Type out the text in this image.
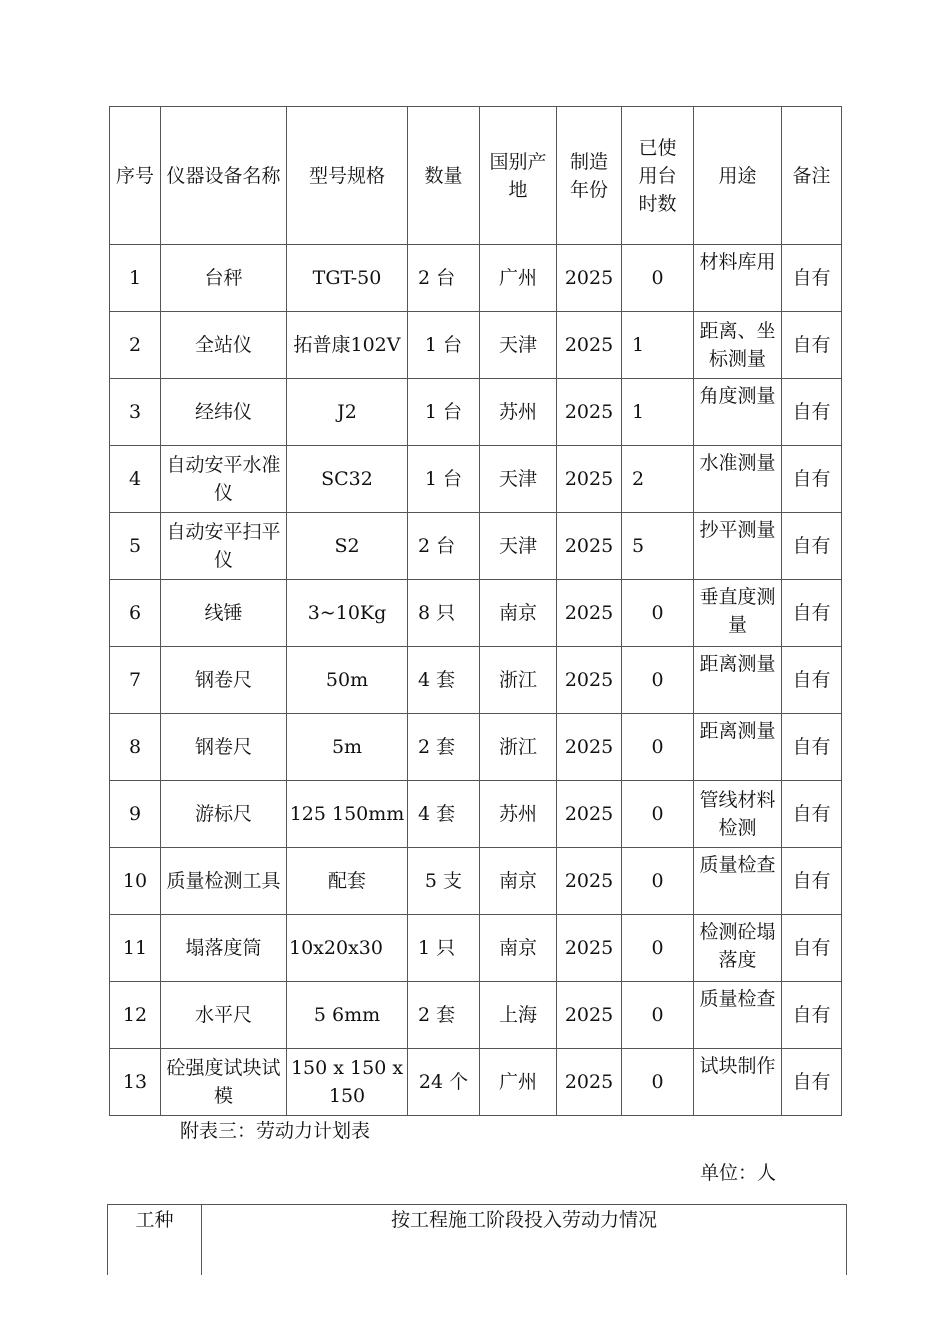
序号	仪器设备名称	型号规格	数量	国别产地	制造年份	已使用台时数	用途	备注
1	台秤	TGT-50	2 台	广州	2025	0	材料库用	自有
2	全站仪	拓普康102V	1 台	天津	2025	1	距离、坐标测量	自有
3	经纬仪	J2	1 台	苏州	2025	1	角度测量	自有
4	自动安平水准仪	SC32	1 台	天津	2025	2	水准测量	自有
5	自动安平扫平仪	S2	2 台	天津	2025	5	抄平测量	自有
6	线锤	3~10Kg	8 只	南京	2025	0	垂直度测量	自有
7	钢卷尺	50m	4 套	浙江	2025	0	距离测量	自有
8	钢卷尺	5m	2 套	浙江	2025	0	距离测量	自有
9	游标尺	125 150mm	4 套	苏州	2025	0	管线材料检测	自有
10	质量检测工具	配套	5 支	南京	2025	0	质量检查	自有
11	塌落度筒	10x20x30	1 只	南京	2025	0	检测砼塌落度	自有
12	水平尺	5 6mm	2 套	上海	2025	0	质量检查	自有
13	砼强度试块试模	150 x 150 x 150	24 个	广州	2025	0	试块制作	自有
附表三：劳动力计划表
单位：人
工种	按工程施工阶段投入劳动力情况
